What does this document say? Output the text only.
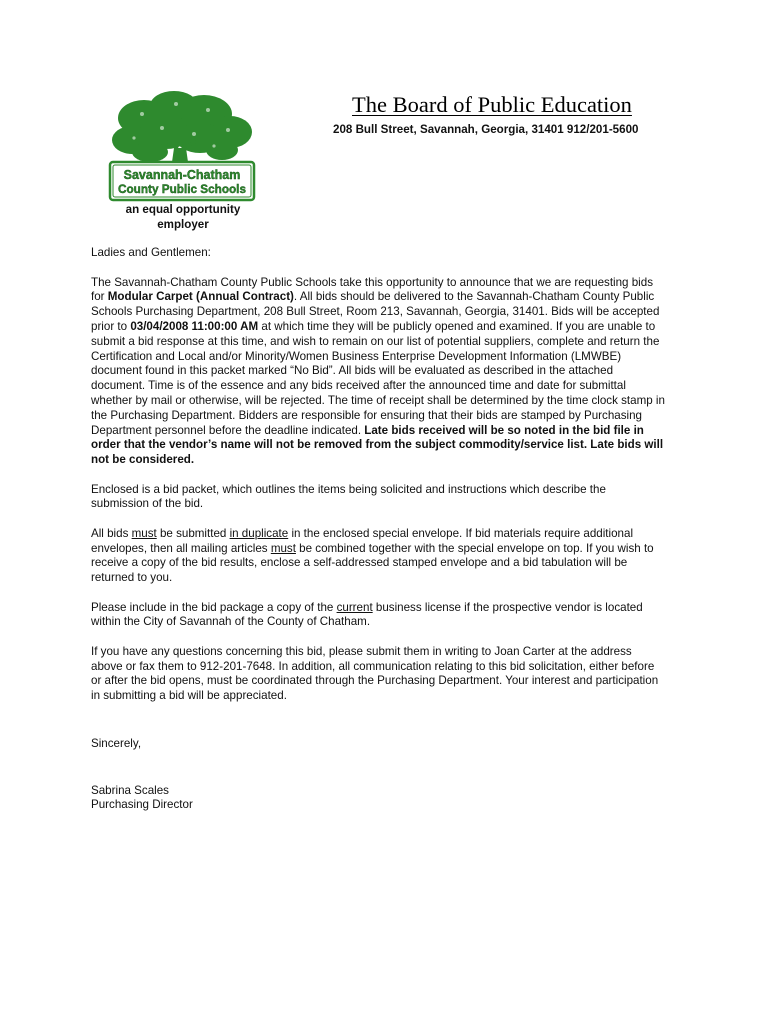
Savannah-Chatham
County Public Schools
an equal opportunity employer
The Board of Public Education
208 Bull Street, Savannah, Georgia, 31401 912/201-5600

Ladies and Gentlemen:

The Savannah-Chatham County Public Schools take this opportunity to announce that we are requesting bids for Modular Carpet (Annual Contract). All bids should be delivered to the Savannah-Chatham County Public Schools Purchasing Department, 208 Bull Street, Room 213, Savannah, Georgia, 31401. Bids will be accepted prior to 03/04/2008 11:00:00 AM at which time they will be publicly opened and examined. If you are unable to submit a bid response at this time, and wish to remain on our list of potential suppliers, complete and return the Certification and Local and/or Minority/Women Business Enterprise Development Information (LMWBE) document found in this packet marked “No Bid”. All bids will be evaluated as described in the attached document. Time is of the essence and any bids received after the announced time and date for submittal whether by mail or otherwise, will be rejected. The time of receipt shall be determined by the time clock stamp in the Purchasing Department. Bidders are responsible for ensuring that their bids are stamped by Purchasing Department personnel before the deadline indicated. Late bids received will be so noted in the bid file in order that the vendor’s name will not be removed from the subject commodity/service list. Late bids will not be considered.

Enclosed is a bid packet, which outlines the items being solicited and instructions which describe the submission of the bid.

All bids must be submitted in duplicate in the enclosed special envelope. If bid materials require additional envelopes, then all mailing articles must be combined together with the special envelope on top. If you wish to receive a copy of the bid results, enclose a self-addressed stamped envelope and a bid tabulation will be returned to you.

Please include in the bid package a copy of the current business license if the prospective vendor is located within the City of Savannah of the County of Chatham.

If you have any questions concerning this bid, please submit them in writing to Joan Carter at the address above or fax them to 912-201-7648. In addition, all communication relating to this bid solicitation, either before or after the bid opens, must be coordinated through the Purchasing Department. Your interest and participation in submitting a bid will be appreciated.

Sincerely,

Sabrina Scales
Purchasing Director
